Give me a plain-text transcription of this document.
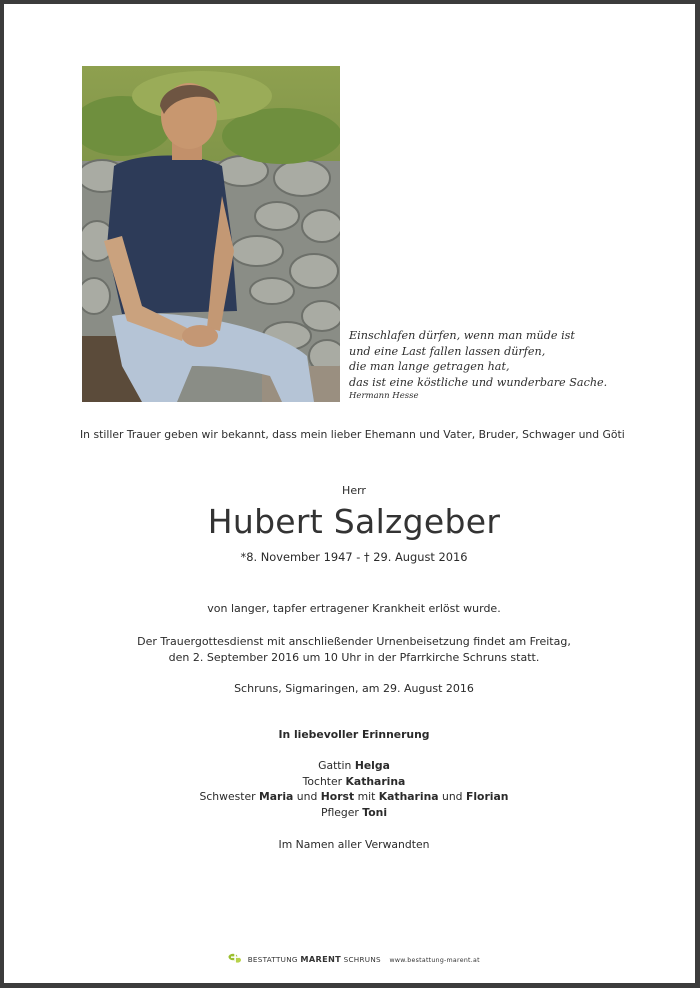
Einschlafen dürfen, wenn man müde ist
und eine Last fallen lassen dürfen,
die man lange getragen hat,
das ist eine köstliche und wunderbare Sache.
Hermann Hesse
In stiller Trauer geben wir bekannt, dass mein lieber Ehemann und Vater, Bruder, Schwager und Göti
Herr
Hubert Salzgeber
*8. November 1947 - † 29. August 2016
von langer, tapfer ertragener Krankheit erlöst wurde.
Der Trauergottesdienst mit anschließender Urnenbeisetzung findet am Freitag,
den 2. September 2016 um 10 Uhr in der Pfarrkirche Schruns statt.
Schruns, Sigmaringen, am 29. August 2016
In liebevoller Erinnerung
Gattin Helga
Tochter Katharina
Schwester Maria und Horst mit Katharina und Florian
Pfleger Toni
Im Namen aller Verwandten
BESTATTUNG MARENT SCHRUNS www.bestattung-marent.at
